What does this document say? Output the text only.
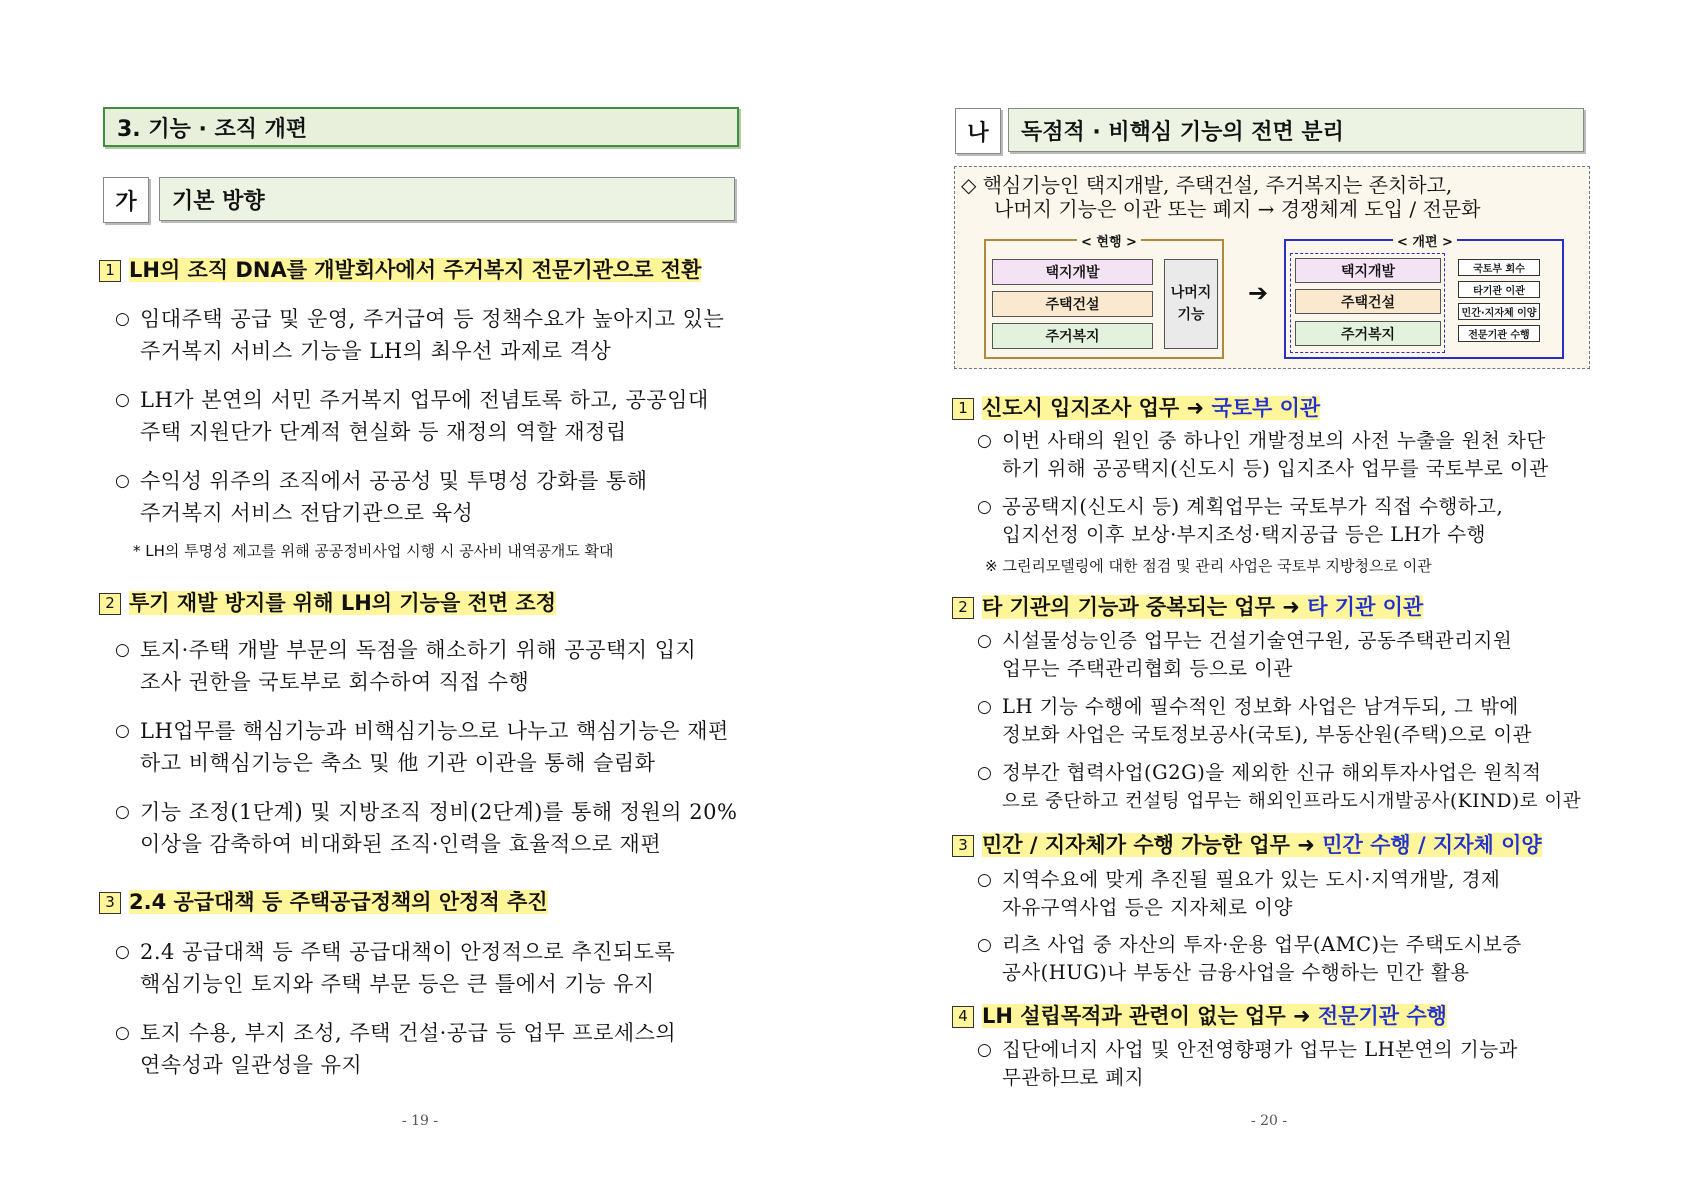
3. 기능 · 조직 개편
가 기본 방향
1 LH의 조직 DNA를 개발회사에서 주거복지 전문기관으로 전환
○ 임대주택 공급 및 운영, 주거급여 등 정책수요가 높아지고 있는
주거복지 서비스 기능을 LH의 최우선 과제로 격상
○ LH가 본연의 서민 주거복지 업무에 전념토록 하고, 공공임대
주택 지원단가 단계적 현실화 등 재정의 역할 재정립
○ 수익성 위주의 조직에서 공공성 및 투명성 강화를 통해
주거복지 서비스 전담기관으로 육성
* LH의 투명성 제고를 위해 공공정비사업 시행 시 공사비 내역공개도 확대
2 투기 재발 방지를 위해 LH의 기능을 전면 조정
○ 토지·주택 개발 부문의 독점을 해소하기 위해 공공택지 입지
조사 권한을 국토부로 회수하여 직접 수행
○ LH업무를 핵심기능과 비핵심기능으로 나누고 핵심기능은 재편
하고 비핵심기능은 축소 및 他 기관 이관을 통해 슬림화
○ 기능 조정(1단계) 및 지방조직 정비(2단계)를 통해 정원의 20%
이상을 감축하여 비대화된 조직·인력을 효율적으로 재편
3 2.4 공급대책 등 주택공급정책의 안정적 추진
○ 2.4 공급대책 등 주택 공급대책이 안정적으로 추진되도록
핵심기능인 토지와 주택 부문 등은 큰 틀에서 기능 유지
○ 토지 수용, 부지 조성, 주택 건설·공급 등 업무 프로세스의
연속성과 일관성을 유지
- 19 -
나 독점적 · 비핵심 기능의 전면 분리
◇ 핵심기능인 택지개발, 주택건설, 주거복지는 존치하고,
나머지 기능은 이관 또는 폐지 → 경쟁체계 도입 / 전문화
< 현행 >
택지개발
주택건설
주거복지
나머지
기능
➔
< 개편 >
택지개발
주택건설
주거복지
국토부 회수
타기관 이관
민간·지자체 이양
전문기관 수행
1 신도시 입지조사 업무 ➜ 국토부 이관
○ 이번 사태의 원인 중 하나인 개발정보의 사전 누출을 원천 차단
하기 위해 공공택지(신도시 등) 입지조사 업무를 국토부로 이관
○ 공공택지(신도시 등) 계획업무는 국토부가 직접 수행하고,
입지선정 이후 보상·부지조성·택지공급 등은 LH가 수행
※ 그린리모델링에 대한 점검 및 관리 사업은 국토부 지방청으로 이관
2 타 기관의 기능과 중복되는 업무 ➜ 타 기관 이관
○ 시설물성능인증 업무는 건설기술연구원, 공동주택관리지원
업무는 주택관리협회 등으로 이관
○ LH 기능 수행에 필수적인 정보화 사업은 남겨두되, 그 밖에
정보화 사업은 국토정보공사(국토), 부동산원(주택)으로 이관
○ 정부간 협력사업(G2G)을 제외한 신규 해외투자사업은 원칙적
으로 중단하고 컨설팅 업무는 해외인프라도시개발공사(KIND)로 이관
3 민간 / 지자체가 수행 가능한 업무 ➜ 민간 수행 / 지자체 이양
○ 지역수요에 맞게 추진될 필요가 있는 도시·지역개발, 경제
자유구역사업 등은 지자체로 이양
○ 리츠 사업 중 자산의 투자·운용 업무(AMC)는 주택도시보증
공사(HUG)나 부동산 금융사업을 수행하는 민간 활용
4 LH 설립목적과 관련이 없는 업무 ➜ 전문기관 수행
○ 집단에너지 사업 및 안전영향평가 업무는 LH본연의 기능과
무관하므로 폐지
- 20 -
